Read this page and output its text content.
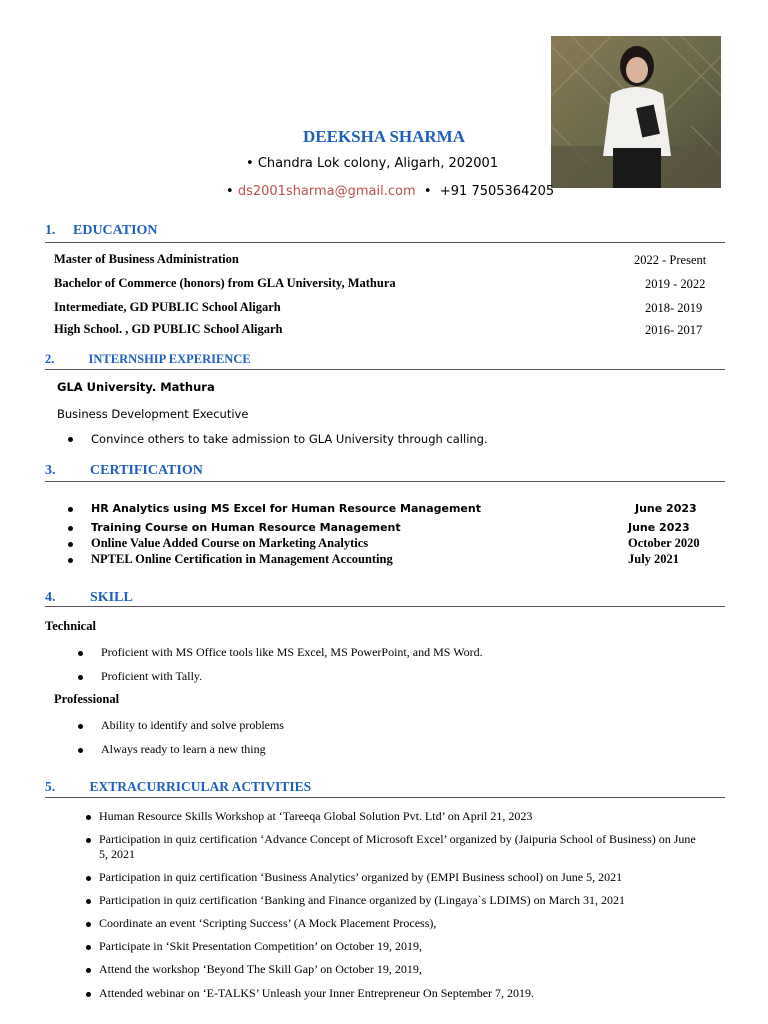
DEEKSHA SHARMA
• Chandra Lok colony, Aligarh, 202001
• ds2001sharma@gmail.com  •  +91 7505364205
1. EDUCATION
Master of Business Administration	2022 - Present
Bachelor of Commerce (honors) from GLA University, Mathura	2019 - 2022
Intermediate, GD PUBLIC School Aligarh	2018- 2019
High School. , GD PUBLIC School Aligarh	2016- 2017
2.	INTERNSHIP EXPERIENCE
GLA University. Mathura
Business Development Executive
Convince others to take admission to GLA University through calling.
3. CERTIFICATION
HR Analytics using MS Excel for Human Resource Management	June 2023
Training Course on Human Resource Management	June 2023
Online Value Added Course on Marketing Analytics	October 2020
NPTEL Online Certification in Management Accounting	July 2021
4. SKILL
Technical
Proficient with MS Office tools like MS Excel, MS PowerPoint, and MS Word.
Proficient with Tally.
Professional
Ability to identify and solve problems
Always ready to learn a new thing
5.	EXTRACURRICULAR ACTIVITIES
Human Resource Skills Workshop at ‘Tareeqa Global Solution Pvt. Ltd’ on April 21, 2023
Participation in quiz certification ‘Advance Concept of Microsoft Excel’ organized by (Jaipuria School of Business) on June
5, 2021
Participation in quiz certification ‘Business Analytics’ organized by (EMPI Business school) on June 5, 2021
Participation in quiz certification ‘Banking and Finance organized by (Lingaya`s LDIMS) on March 31, 2021
Coordinate an event ‘Scripting Success’ (A Mock Placement Process),
Participate in ‘Skit Presentation Competition’ on October 19, 2019,
Attend the workshop ‘Beyond The Skill Gap’ on October 19, 2019,
Attended webinar on ‘E-TALKS’ Unleash your Inner Entrepreneur On September 7, 2019.
